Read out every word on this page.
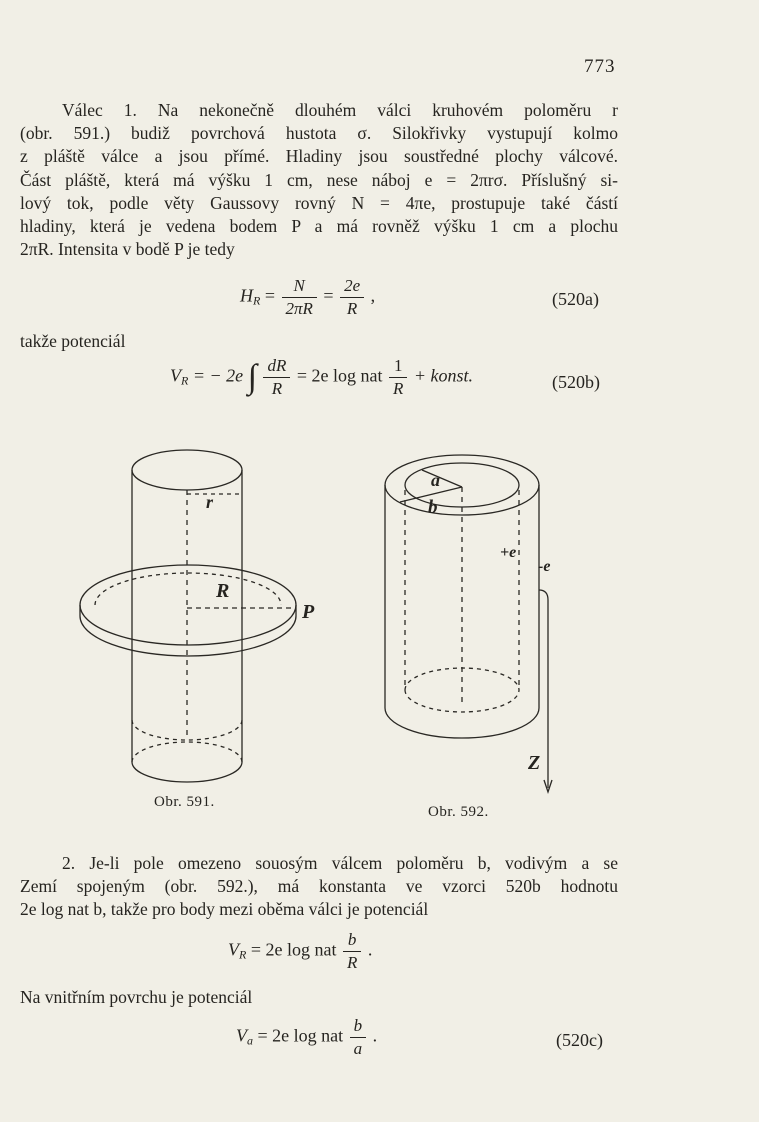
773
Válec 1. Na nekonečně dlouhém válci kruhovém poloměru r
(obr. 591.) budiž povrchová hustota σ. Silokřivky vystupují kolmo
z pláště válce a jsou přímé. Hladiny jsou soustředné plochy válcové.
Část pláště, která má výšku 1 cm, nese náboj e = 2πrσ. Příslušný si-
lový tok, podle věty Gaussovy rovný N = 4πe, prostupuje také částí
hladiny, která je vedena bodem P a má rovněž výšku 1 cm a plochu
2πR. Intensita v bodě P je tedy
$H_R = \frac{N}{2\pi R} = \frac{2e}{R}$ ,	(520a)
takže potenciál
$V_R$ = − 2e ∫ $\frac{dR}{R} = 2e$ log nat $\frac{1}{R}$ + konst.	(520b)
r
R
P
Obr. 591.
a
b
+e
-e
Z
Obr. 592.
2. Je-li pole omezeno souosým válcem poloměru b, vodivým a se
Zemí spojeným (obr. 592.), má konstanta ve vzorci 520b hodnotu
2e log nat b, takže pro body mezi oběma válci je potenciál
$V_R = 2e$ log nat $\frac{b}{R}$ .
Na vnitřním povrchu je potenciál
$V_a = 2e$ log nat $\frac{b}{a}$ .	(520c)
